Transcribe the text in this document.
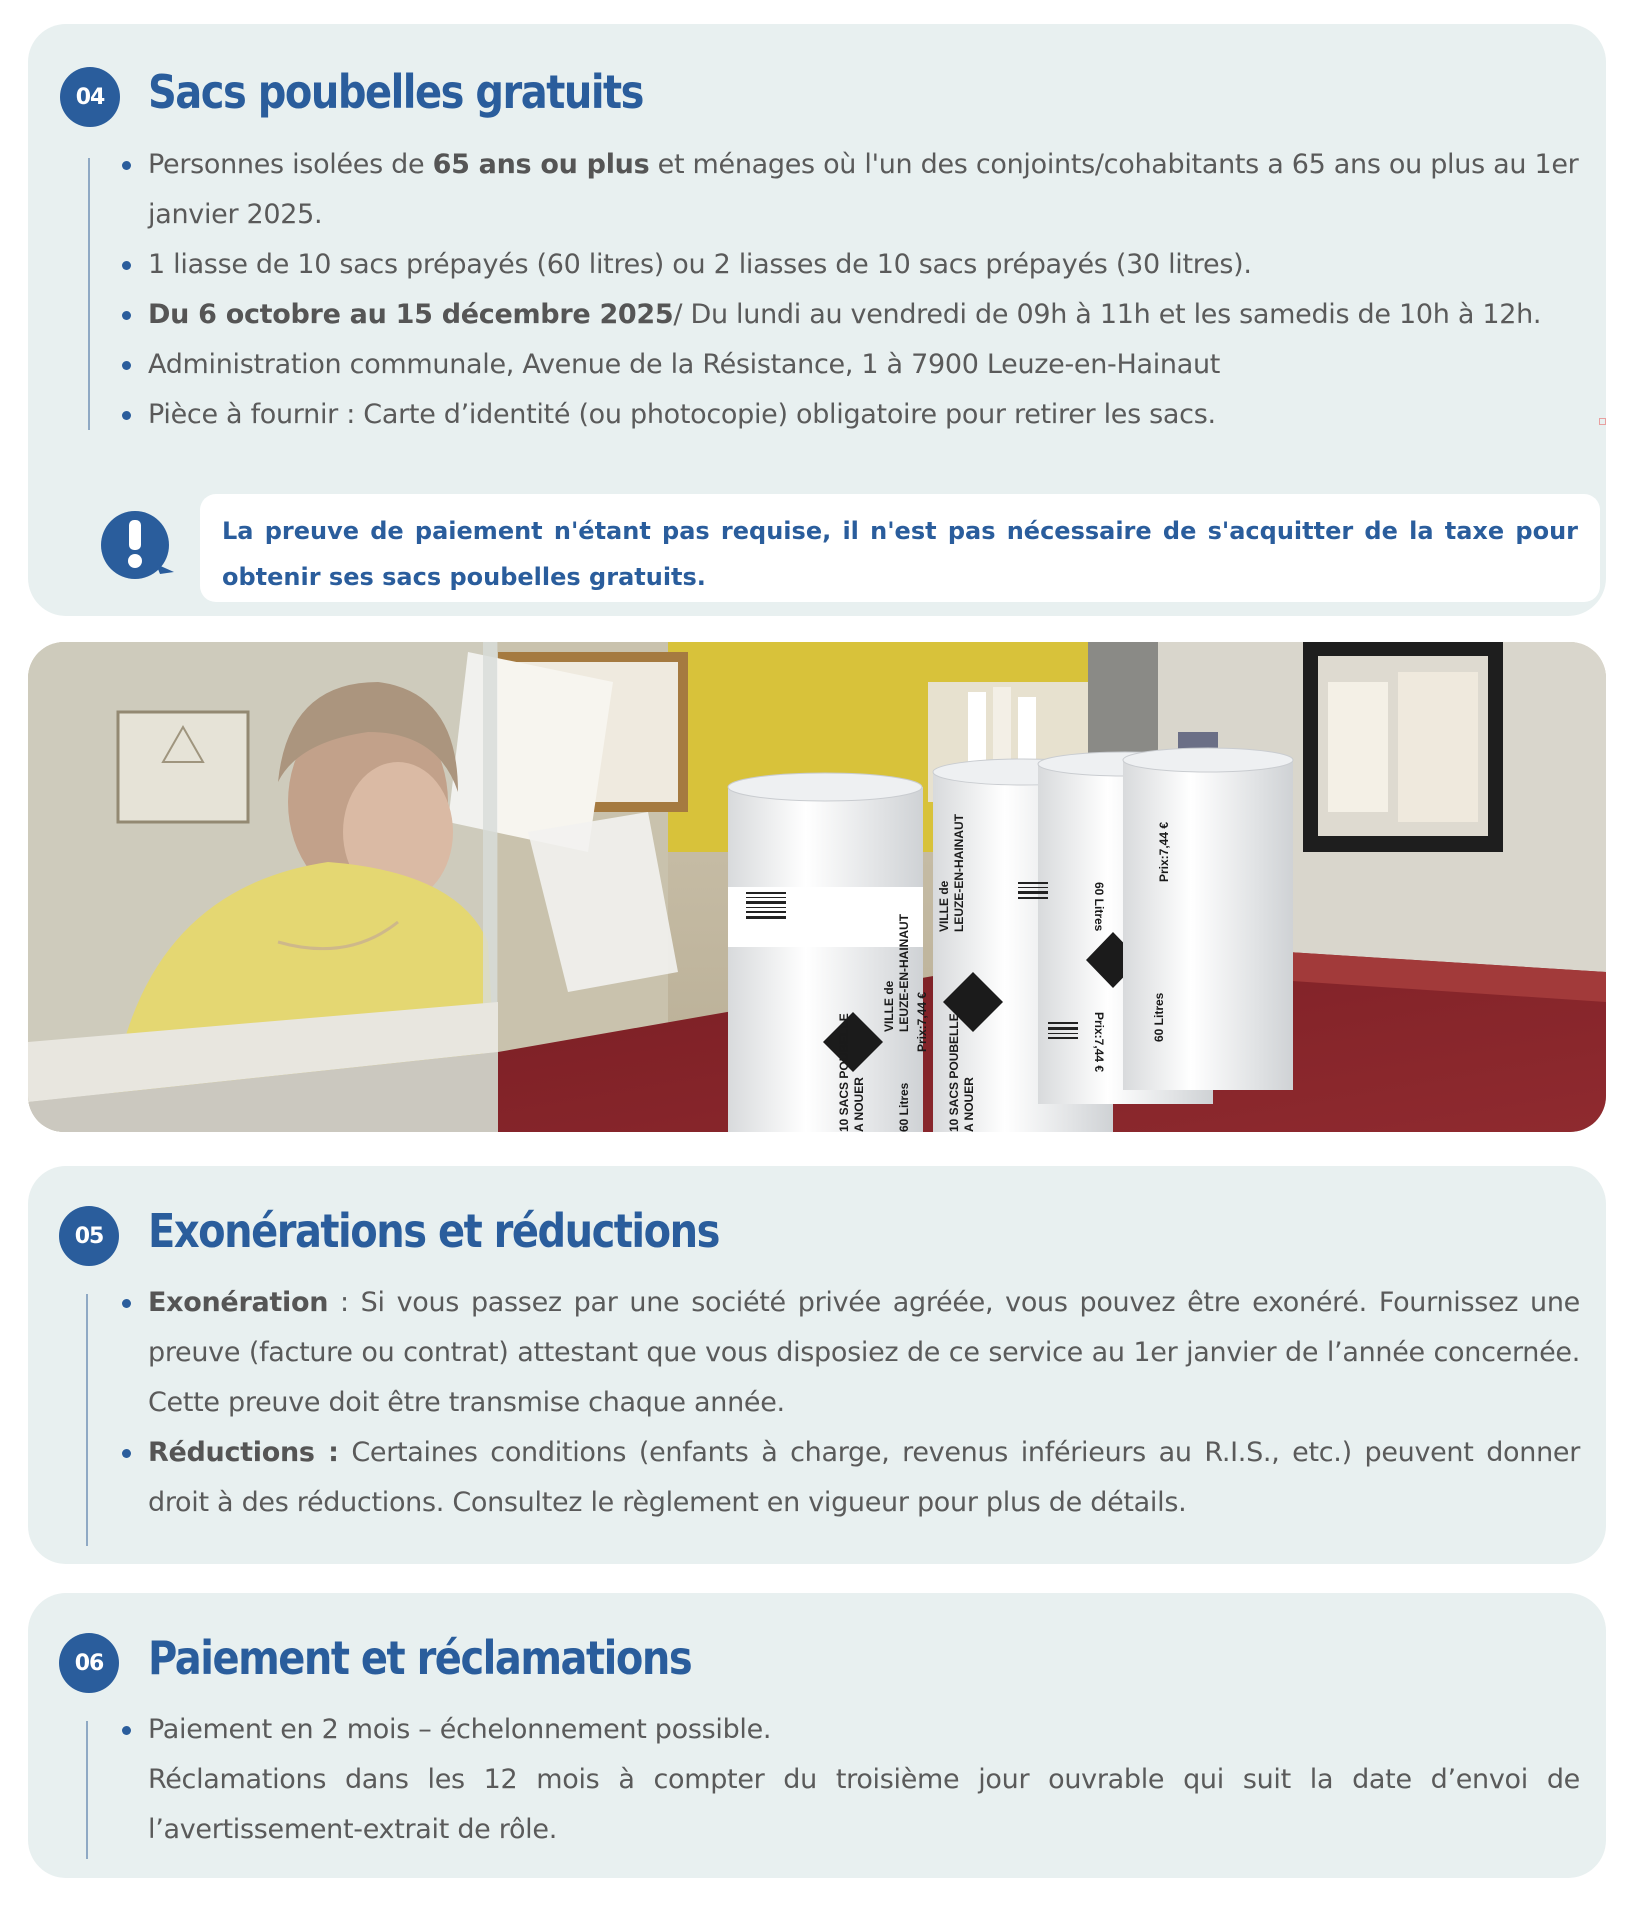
04	Sacs poubelles gratuits
Personnes isolées de 65 ans ou plus et ménages où l'un des conjoints/cohabitants a 65 ans ou plus au 1er janvier 2025.
1 liasse de 10 sacs prépayés (60 litres) ou 2 liasses de 10 sacs prépayés (30 litres).
Du 6 octobre au 15 décembre 2025/ Du lundi au vendredi de 09h à 11h et les samedis de 10h à 12h.
Administration communale, Avenue de la Résistance, 1 à 7900 Leuze-en-Hainaut
Pièce à fournir : Carte d’identité (ou photocopie) obligatoire pour retirer les sacs.

La preuve de paiement n'étant pas requise, il n'est pas nécessaire de s'acquitter de la taxe pour obtenir ses sacs poubelles gratuits.

VILLE de LEUZE-EN-HAINAUT Prix:7,44 €
10 SACS POUBELLE A NOUER	60 Litres
VILLE de LEUZE-EN-HAINAUT
10 SACS POUBELLE A NOUER
60 Litres
Prix:7,44 €
Prix:7,44 €
60 Litres
05	Exonérations et réductions
Exonération : Si vous passez par une société privée agréée, vous pouvez être exonéré. Fournissez une preuve (facture ou contrat) attestant que vous disposiez de ce service au 1er janvier de l’année concernée. Cette preuve doit être transmise chaque année.
Réductions : Certaines conditions (enfants à charge, revenus inférieurs au R.I.S., etc.) peuvent donner droit à des réductions. Consultez le règlement en vigueur pour plus de détails.
06	Paiement et réclamations
Paiement en 2 mois – échelonnement possible.
Réclamations dans les 12 mois à compter du troisième jour ouvrable qui suit la date d’envoi de l’avertissement-extrait de rôle.
